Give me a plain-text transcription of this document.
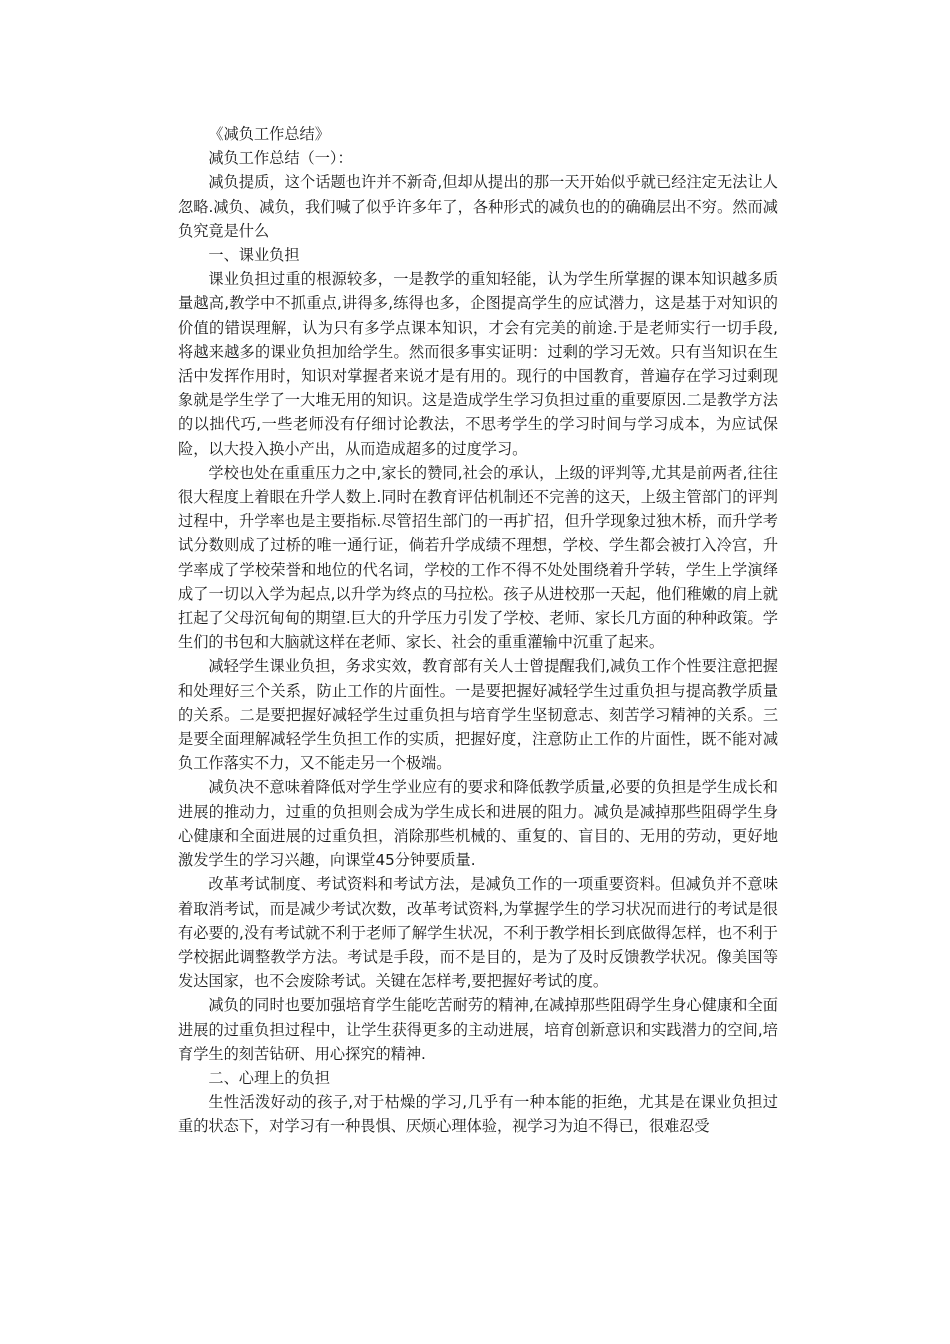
《减负工作总结》

减负工作总结（一）：

减负提质，这个话题也许并不新奇,但却从提出的那一天开始似乎就已经注定无法让人忽略.减负、减负，我们喊了似乎许多年了，各种形式的减负也的的确确层出不穷。然而减负究竟是什么

一、课业负担

课业负担过重的根源较多，一是教学的重知轻能，认为学生所掌握的课本知识越多质量越高,教学中不抓重点,讲得多,练得也多，企图提高学生的应试潜力，这是基于对知识的价值的错误理解，认为只有多学点课本知识，才会有完美的前途.于是老师实行一切手段,将越来越多的课业负担加给学生。然而很多事实证明：过剩的学习无效。只有当知识在生活中发挥作用时，知识对掌握者来说才是有用的。现行的中国教育，普遍存在学习过剩现象就是学生学了一大堆无用的知识。这是造成学生学习负担过重的重要原因.二是教学方法的以拙代巧,一些老师没有仔细讨论教法，不思考学生的学习时间与学习成本，为应试保险，以大投入换小产出，从而造成超多的过度学习。

学校也处在重重压力之中,家长的赞同,社会的承认，上级的评判等,尤其是前两者,往往很大程度上着眼在升学人数上.同时在教育评估机制还不完善的这天，上级主管部门的评判过程中，升学率也是主要指标.尽管招生部门的一再扩招，但升学现象过独木桥，而升学考试分数则成了过桥的唯一通行证，倘若升学成绩不理想，学校、学生都会被打入冷宫，升学率成了学校荣誉和地位的代名词，学校的工作不得不处处围绕着升学转，学生上学演绎成了一切以入学为起点,以升学为终点的马拉松。孩子从进校那一天起，他们稚嫩的肩上就扛起了父母沉甸甸的期望.巨大的升学压力引发了学校、老师、家长几方面的种种政策。学生们的书包和大脑就这样在老师、家长、社会的重重灌输中沉重了起来。

减轻学生课业负担，务求实效，教育部有关人士曾提醒我们,减负工作个性要注意把握和处理好三个关系，防止工作的片面性。一是要把握好减轻学生过重负担与提高教学质量的关系。二是要把握好减轻学生过重负担与培育学生坚韧意志、刻苦学习精神的关系。三是要全面理解减轻学生负担工作的实质，把握好度，注意防止工作的片面性，既不能对减负工作落实不力，又不能走另一个极端。

减负决不意味着降低对学生学业应有的要求和降低教学质量,必要的负担是学生成长和进展的推动力，过重的负担则会成为学生成长和进展的阻力。减负是减掉那些阻碍学生身心健康和全面进展的过重负担，消除那些机械的、重复的、盲目的、无用的劳动，更好地激发学生的学习兴趣，向课堂45分钟要质量.

改革考试制度、考试资料和考试方法，是减负工作的一项重要资料。但减负并不意味着取消考试，而是减少考试次数，改革考试资料,为掌握学生的学习状况而进行的考试是很有必要的,没有考试就不利于老师了解学生状况，不利于教学相长到底做得怎样，也不利于学校据此调整教学方法。考试是手段，而不是目的，是为了及时反馈教学状况。像美国等发达国家，也不会废除考试。关键在怎样考,要把握好考试的度。

减负的同时也要加强培育学生能吃苦耐劳的精神,在减掉那些阻碍学生身心健康和全面进展的过重负担过程中，让学生获得更多的主动进展，培育创新意识和实践潜力的空间,培育学生的刻苦钻研、用心探究的精神.

二、心理上的负担

生性活泼好动的孩子,对于枯燥的学习,几乎有一种本能的拒绝，尤其是在课业负担过重的状态下，对学习有一种畏惧、厌烦心理体验，视学习为迫不得已，很难忍受
